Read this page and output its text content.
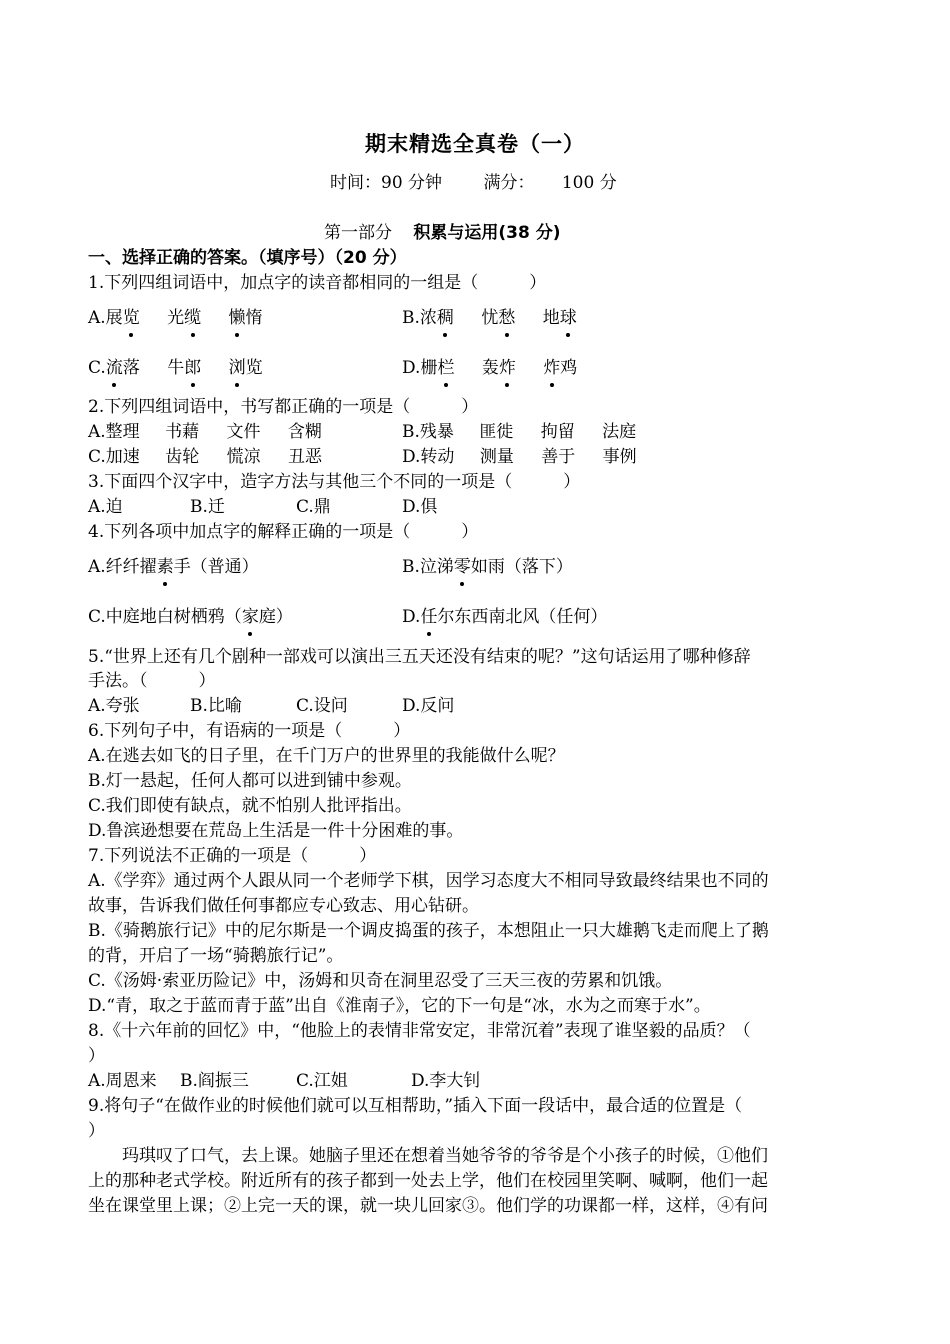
期末精选全真卷（一）
时间：90 分钟 满分： 100 分
第一部分 积累与运用(38 分)
一、选择正确的答案。（填序号）（20 分）
1.下列四组词语中，加点字的读音都相同的一组是（　　　）
A.展览 光缆 懒惰	B.浓稠 忧愁 地球
C.流落 牛郎 浏览	D.栅栏 轰炸 炸鸡
2.下列四组词语中，书写都正确的一项是（　　　）
A.整理 书藉 文件 含糊	B.残暴 匪徙 拘留 法庭
C.加速 齿轮 慌凉 丑恶	D.转动 测量 善于 事例
3.下面四个汉字中，造字方法与其他三个不同的一项是（　　　）
A.迫	B.迁	C.鼎	D.俱
4.下列各项中加点字的解释正确的一项是（　　　）
A.纤纤擢素手（普通）	B.泣涕零如雨（落下）
C.中庭地白树栖鸦（家庭）	D.任尔东西南北风（任何）
5.“世界上还有几个剧种一部戏可以演出三五天还没有结束的呢？”这句话运用了哪种修辞
手法。（　　　）
A.夸张	B.比喻	C.设问	D.反问
6.下列句子中，有语病的一项是（　　　）
A.在逃去如飞的日子里，在千门万户的世界里的我能做什么呢？
B.灯一悬起，任何人都可以进到铺中参观。
C.我们即使有缺点，就不怕别人批评指出。
D.鲁滨逊想要在荒岛上生活是一件十分困难的事。
7.下列说法不正确的一项是（　　　）
A.《学弈》通过两个人跟从同一个老师学下棋，因学习态度大不相同导致最终结果也不同的
故事，告诉我们做任何事都应专心致志、用心钻研。
B.《骑鹅旅行记》中的尼尔斯是一个调皮捣蛋的孩子，本想阻止一只大雄鹅飞走而爬上了鹅
的背，开启了一场“骑鹅旅行记”。
C.《汤姆·索亚历险记》中，汤姆和贝奇在洞里忍受了三天三夜的劳累和饥饿。
D.“青，取之于蓝而青于蓝”出自《淮南子》，它的下一句是“冰，水为之而寒于水”。
8.《十六年前的回忆》中，“他脸上的表情非常安定，非常沉着”表现了谁坚毅的品质？（
）
A.周恩来 B.阎振三	C.江姐	D.李大钊
9.将句子“在做作业的时候他们就可以互相帮助，”插入下面一段话中，最合适的位置是（
）
　　玛琪叹了口气，去上课。她脑子里还在想着当她爷爷的爷爷是个小孩子的时候，①他们
上的那种老式学校。附近所有的孩子都到一处去上学，他们在校园里笑啊、喊啊，他们一起
坐在课堂里上课；②上完一天的课，就一块儿回家③。他们学的功课都一样，这样，④有问
